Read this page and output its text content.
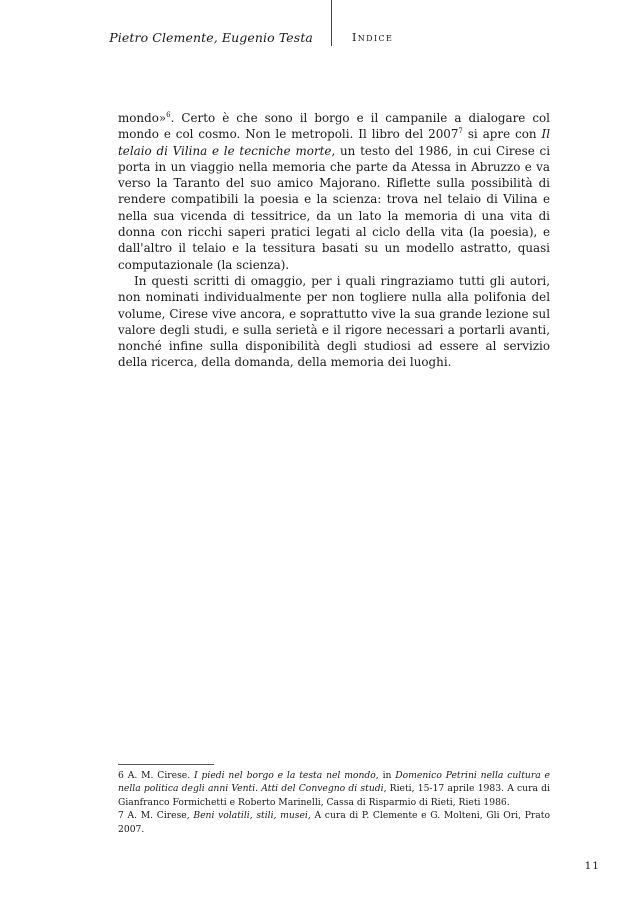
Pietro Clemente, Eugenio Testa	Indice

mondo»$^6$. Certo è che sono il borgo e il campanile a dialogare col mondo e col cosmo. Non le metropoli. Il libro del 2007$^7$ si apre con Il telaio di Vilina e le tecniche morte, un testo del 1986, in cui Cirese ci porta in un viaggio nella memoria che parte da Atessa in Abruzzo e va verso la Taranto del suo amico Majorano. Riflette sulla possibilità di rendere compatibili la poesia e la scienza: trova nel telaio di Vilina e nella sua vicenda di tessitrice, da un lato la memoria di una vita di donna con ricchi saperi pratici legati al ciclo della vita (la poesia), e dall'altro il telaio e la tessitura basati su un modello astratto, quasi computazionale (la scienza).

In questi scritti di omaggio, per i quali ringraziamo tutti gli autori, non nominati individualmente per non togliere nulla alla polifonia del volume, Cirese vive ancora, e soprattutto vive la sua grande lezione sul valore degli studi, e sulla serietà e il rigore necessari a portarli avanti, nonché infine sulla disponibilità degli studiosi ad essere al servizio della ricerca, della domanda, della memoria dei luoghi.

6 A. M. Cirese. I piedi nel borgo e la testa nel mondo, in Domenico Petrini nella cultura e nella politica degli anni Venti. Atti del Convegno di studi, Rieti, 15-17 aprile 1983. A cura di Gianfranco Formichetti e Roberto Marinelli, Cassa di Risparmio di Rieti, Rieti 1986.

7 A. M. Cirese, Beni volatili, stili, musei, A cura di P. Clemente e G. Molteni, Gli Ori, Prato 2007.

11
